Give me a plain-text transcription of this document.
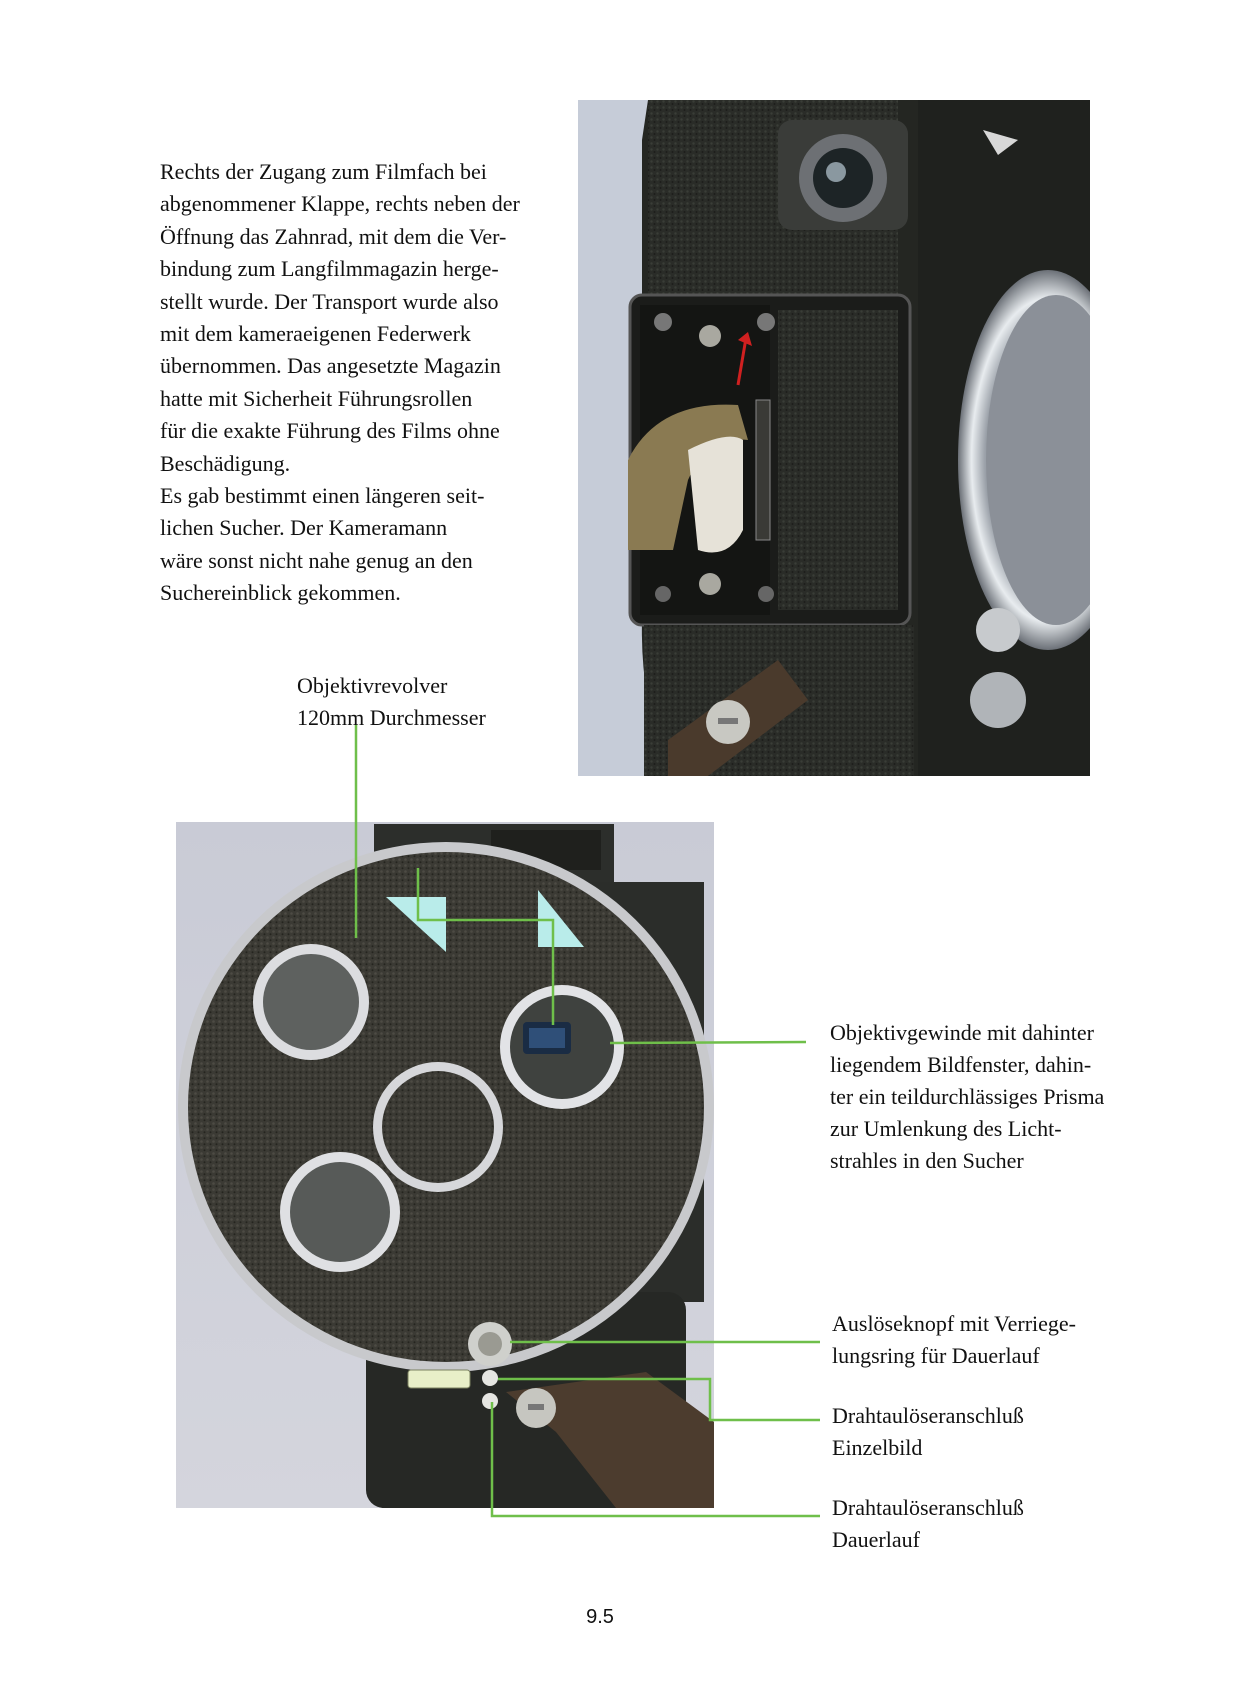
Rechts der Zugang zum Filmfach bei
abgenommener Klappe, rechts neben der
Öffnung das Zahnrad, mit dem die Ver-
bindung zum Langfilmmagazin herge-
stellt wurde. Der Transport wurde also
mit dem kameraeigenen Federwerk
übernommen. Das angesetzte Magazin
hatte mit Sicherheit Führungsrollen
für die exakte Führung des Films ohne
Beschädigung.
Es gab bestimmt einen längeren seit-
lichen Sucher. Der Kameramann
wäre sonst nicht nahe genug an den
Suchereinblick gekommen.
Objektivrevolver
120mm Durchmesser
Objektivgewinde mit dahinter
liegendem Bildfenster, dahin-
ter ein teildurchlässiges Prisma
zur Umlenkung des Licht-
strahles in den Sucher
Auslöseknopf mit Verriege-
lungsring für Dauerlauf
Drahtaulöseranschluß
Einzelbild
Drahtaulöseranschluß
Dauerlauf
9.5
